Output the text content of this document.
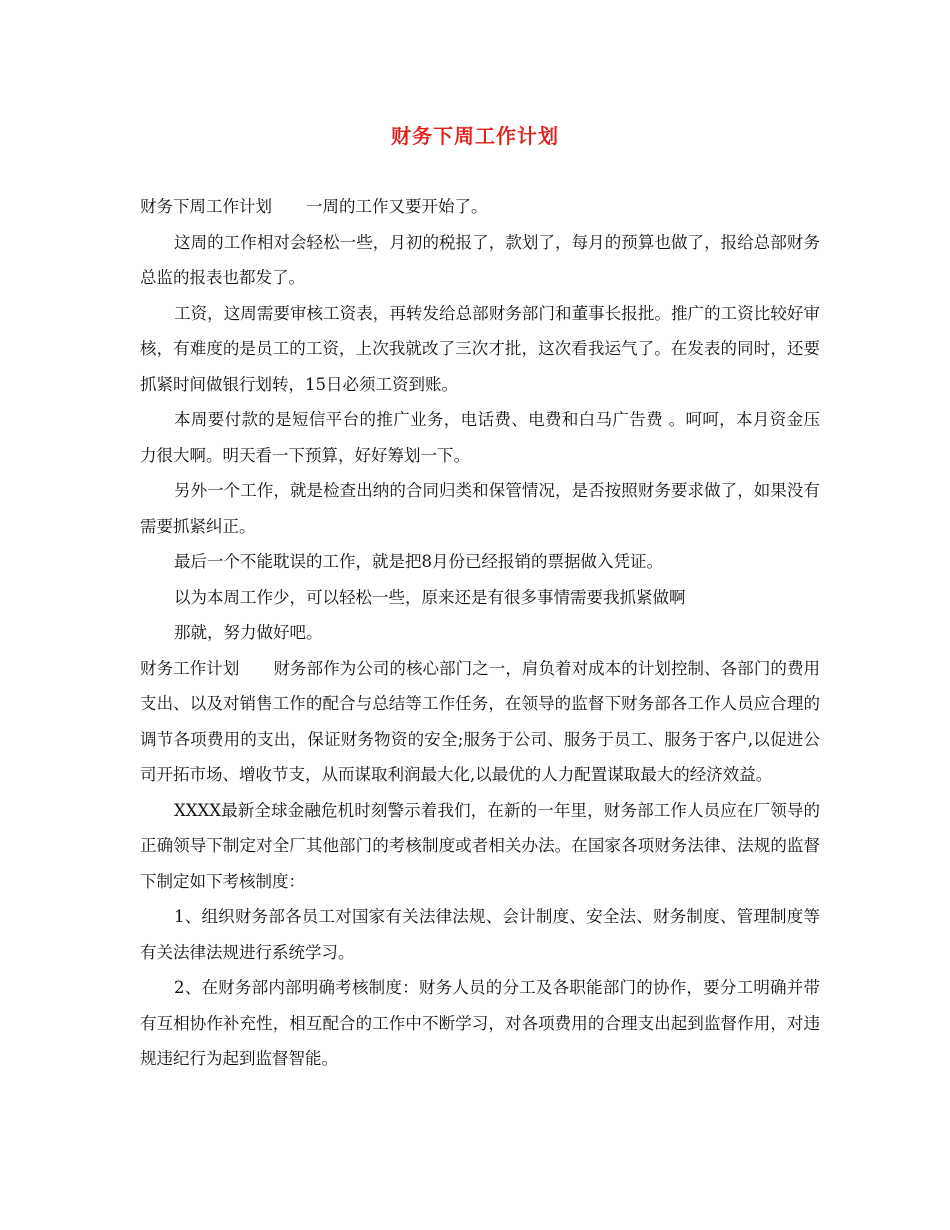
财务下周工作计划

财务下周工作计划 一周的工作又要开始了。

这周的工作相对会轻松一些，月初的税报了，款划了，每月的预算也做了，报给总部财务总监的报表也都发了。

工资，这周需要审核工资表，再转发给总部财务部门和董事长报批。推广的工资比较好审核，有难度的是员工的工资，上次我就改了三次才批，这次看我运气了。在发表的同时，还要抓紧时间做银行划转，15日必须工资到账。

本周要付款的是短信平台的推广业务，电话费、电费和白马广告费 。呵呵，本月资金压力很大啊。明天看一下预算，好好筹划一下。

另外一个工作，就是检查出纳的合同归类和保管情况，是否按照财务要求做了，如果没有需要抓紧纠正。

最后一个不能耽误的工作，就是把8月份已经报销的票据做入凭证。

以为本周工作少，可以轻松一些，原来还是有很多事情需要我抓紧做啊

那就，努力做好吧。

财务工作计划 财务部作为公司的核心部门之一，肩负着对成本的计划控制、各部门的费用支出、以及对销售工作的配合与总结等工作任务，在领导的监督下财务部各工作人员应合理的调节各项费用的支出，保证财务物资的安全;服务于公司、服务于员工、服务于客户,以促进公司开拓市场、增收节支，从而谋取利润最大化,以最优的人力配置谋取最大的经济效益。

XXXX最新全球金融危机时刻警示着我们，在新的一年里，财务部工作人员应在厂领导的正确领导下制定对全厂其他部门的考核制度或者相关办法。在国家各项财务法律、法规的监督下制定如下考核制度：

1、组织财务部各员工对国家有关法律法规、会计制度、安全法、财务制度、管理制度等有关法律法规进行系统学习。

2、在财务部内部明确考核制度：财务人员的分工及各职能部门的协作，要分工明确并带有互相协作补充性，相互配合的工作中不断学习，对各项费用的合理支出起到监督作用，对违规违纪行为起到监督智能。
